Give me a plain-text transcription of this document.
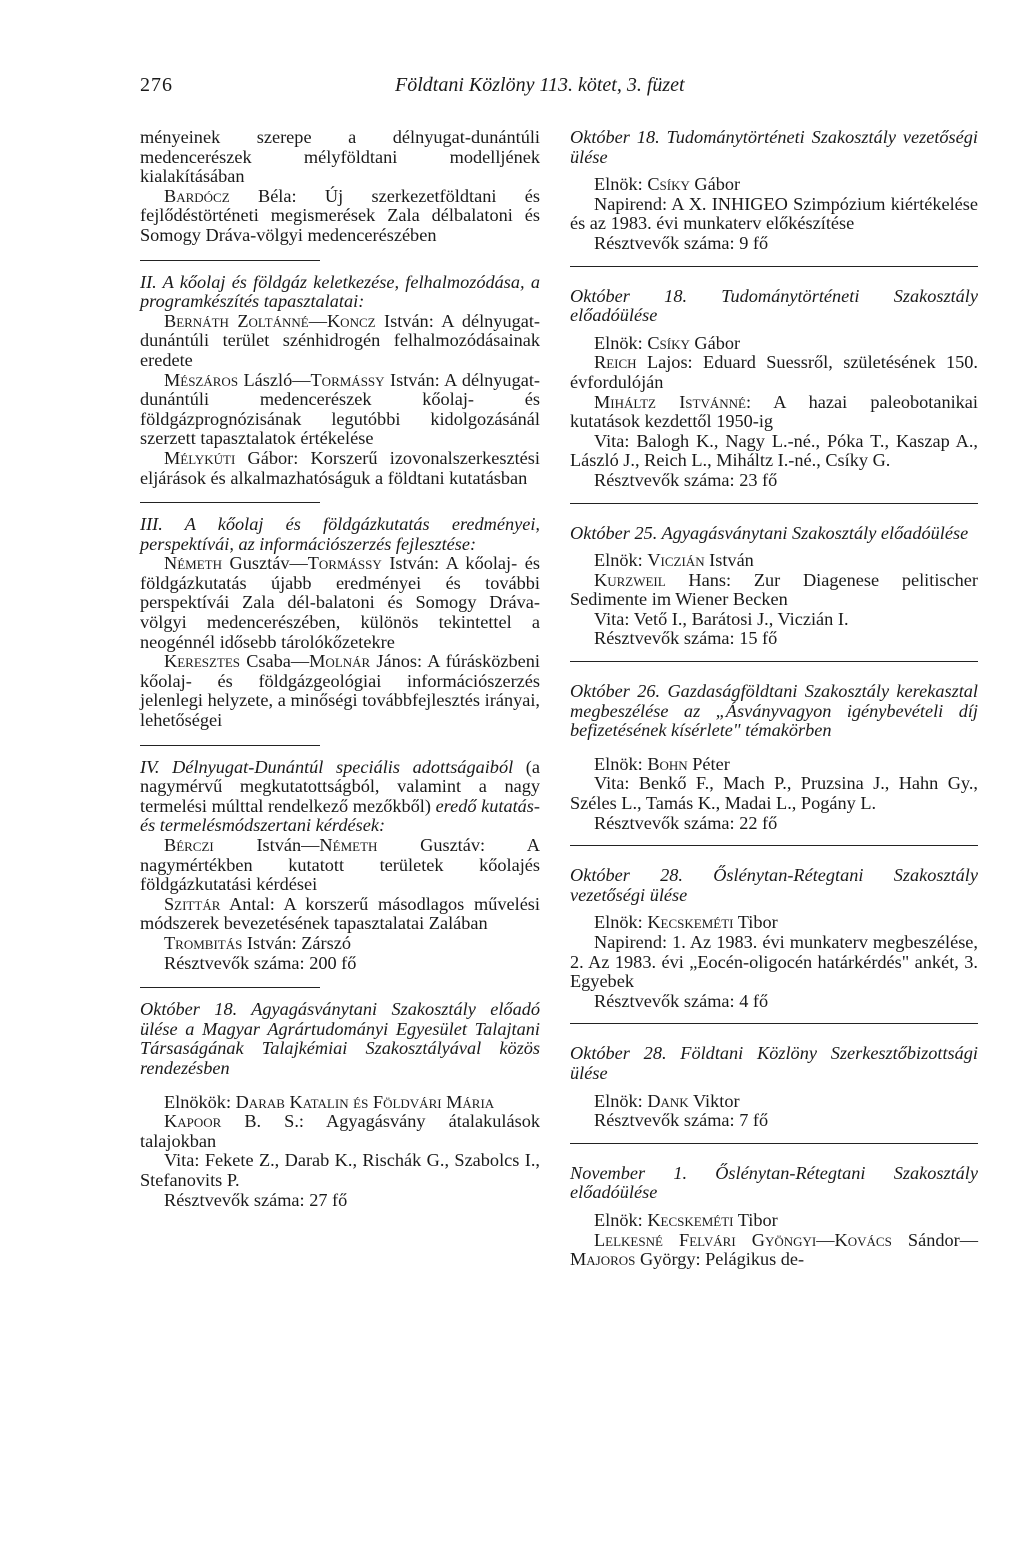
276	Földtani Közlöny 113. kötet, 3. füzet

ményeinek szerepe a délnyugat-dunántúli medencerészek mélyföldtani modelljének kialakításában

Bardócz Béla: Új szerkezetföldtani és fejlődéstörténeti megismerések Zala délbalatoni és Somogy Dráva-völgyi medencerészében

II. A kőolaj és földgáz keletkezése, felhalmozódása, a programkészítés tapasztalatai:

Bernáth Zoltánné—Koncz István: A délnyugat-dunántúli terület szénhidrogén felhalmozódásainak eredete

Mészáros László—Tormássy István: A délnyugat-dunántúli medencerészek kőolaj- és földgázprognózisának legutóbbi kidolgozásánál szerzett tapasztalatok értékelése

Mélykúti Gábor: Korszerű izovonalszerkesztési eljárások és alkalmazhatóságuk a földtani kutatásban

III. A kőolaj és földgázkutatás eredményei, perspektívái, az információszerzés fejlesztése:

Németh Gusztáv—Tormássy István: A kőolaj- és földgázkutatás újabb eredményei és további perspektívái Zala dél-balatoni és Somogy Dráva-völgyi medencerészében, különös tekintettel a neogénnél idősebb tárolókőzetekre

Keresztes Csaba—Molnár János: A fúrásközbeni kőolaj- és földgázgeológiai információszerzés jelenlegi helyzete, a minőségi továbbfejlesztés irányai, lehetőségei

IV. Délnyugat-Dunántúl speciális adottságaiból (a nagymérvű megkutatottságból, valamint a nagy termelési múlttal rendelkező mezőkből) eredő kutatás- és termelésmódszertani kérdések:

Bérczi István—Németh Gusztáv: A nagymértékben kutatott területek kőolajés földgázkutatási kérdései

Szittár Antal: A korszerű másodlagos művelési módszerek bevezetésének tapasztalatai Zalában

Trombitás István: Zárszó

Résztvevők száma: 200 fő

Október 18. Agyagásványtani Szakosztály előadó ülése a Magyar Agrártudományi Egyesület Talajtani Társaságának Talajkémiai Szakosztályával közös rendezésben

Elnökök: Darab Katalin és Földvári Mária

Kapoor B. S.: Agyagásvány átalakulások talajokban

Vita: Fekete Z., Darab K., Rischák G., Szabolcs I., Stefanovits P.

Résztvevők száma: 27 fő

Október 18. Tudománytörténeti Szakosztály vezetőségi ülése

Elnök: Csíky Gábor

Napirend: A X. INHIGEO Szimpózium kiértékelése és az 1983. évi munkaterv előkészítése

Résztvevők száma: 9 fő

Október 18. Tudománytörténeti Szakosztály előadóülése

Elnök: Csíky Gábor

Reich Lajos: Eduard Suessről, születésének 150. évfordulóján

Miháltz Istvánné: A hazai paleobotanikai kutatások kezdettől 1950-ig

Vita: Balogh K., Nagy L.-né., Póka T., Kaszap A., László J., Reich L., Miháltz I.-né., Csíky G.

Résztvevők száma: 23 fő

Október 25. Agyagásványtani Szakosztály előadóülése

Elnök: Viczián István

Kurzweil Hans: Zur Diagenese pelitischer Sedimente im Wiener Becken

Vita: Vető I., Barátosi J., Viczián I.

Résztvevők száma: 15 fő

Október 26. Gazdaságföldtani Szakosztály kerekasztal megbeszélése az „Ásványvagyon igénybevételi díj befizetésének kísérlete" témakörben

Elnök: Bohn Péter

Vita: Benkő F., Mach P., Pruzsina J., Hahn Gy., Széles L., Tamás K., Madai L., Pogány L.

Résztvevők száma: 22 fő

Október 28. Őslénytan-Rétegtani Szakosztály vezetőségi ülése

Elnök: Kecskeméti Tibor

Napirend: 1. Az 1983. évi munkaterv megbeszélése, 2. Az 1983. évi „Eocén-oligocén határkérdés" ankét, 3. Egyebek

Résztvevők száma: 4 fő

Október 28. Földtani Közlöny Szerkesztőbizottsági ülése

Elnök: Dank Viktor

Résztvevők száma: 7 fő

November 1. Őslénytan-Rétegtani Szakosztály előadóülése

Elnök: Kecskeméti Tibor

Lelkesné Felvári Gyöngyi—Kovács Sándor—Majoros György: Pelágikus de-
